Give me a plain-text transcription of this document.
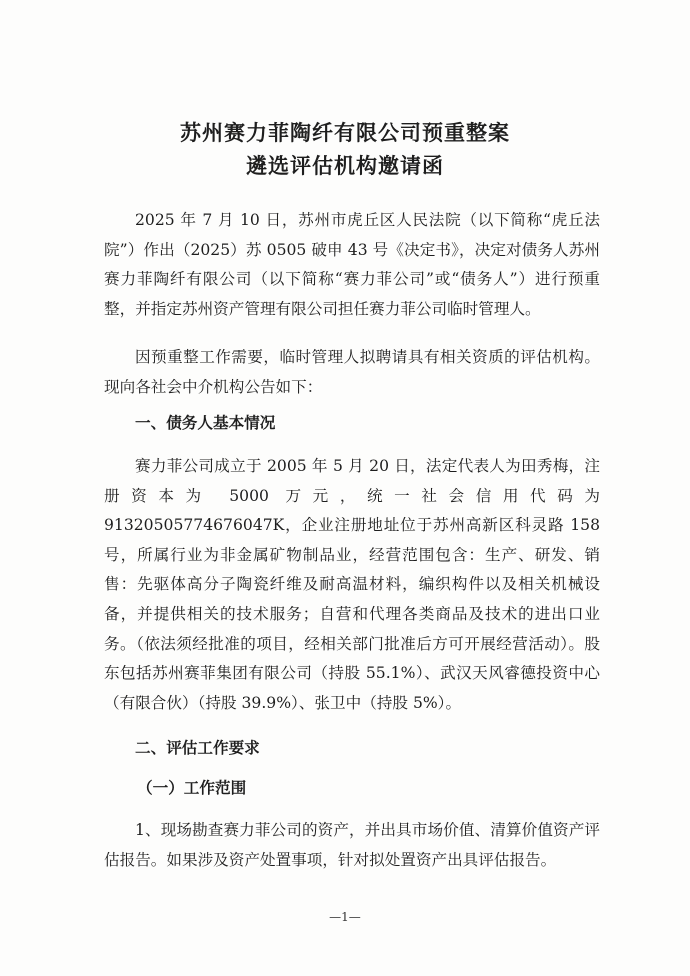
苏州赛力菲陶纤有限公司预重整案
遴选评估机构邀请函

2025 年 7 月 10 日，苏州市虎丘区人民法院（以下简称“虎丘法院”）作出（2025）苏 0505 破申 43 号《决定书》，决定对债务人苏州赛力菲陶纤有限公司（以下简称“赛力菲公司”或“债务人”）进行预重整，并指定苏州资产管理有限公司担任赛力菲公司临时管理人。

因预重整工作需要，临时管理人拟聘请具有相关资质的评估机构。现向各社会中介机构公告如下：

一、债务人基本情况

赛力菲公司成立于 2005 年 5 月 20 日，法定代表人为田秀梅，注册资本为 5000 万元，统一社会信用代码为 91320505774676047K，企业注册地址位于苏州高新区科灵路 158 号，所属行业为非金属矿物制品业，经营范围包含：生产、研发、销售：先驱体高分子陶瓷纤维及耐高温材料，编织构件以及相关机械设备，并提供相关的技术服务；自营和代理各类商品及技术的进出口业务。（依法须经批准的项目，经相关部门批准后方可开展经营活动）。股东包括苏州赛菲集团有限公司（持股 55.1%）、武汉天风睿德投资中心（有限合伙）（持股 39.9%）、张卫中（持股 5%）。

二、评估工作要求
（一）工作范围

1、现场勘查赛力菲公司的资产，并出具市场价值、清算价值资产评估报告。如果涉及资产处置事项，针对拟处置资产出具评估报告。

—1—
